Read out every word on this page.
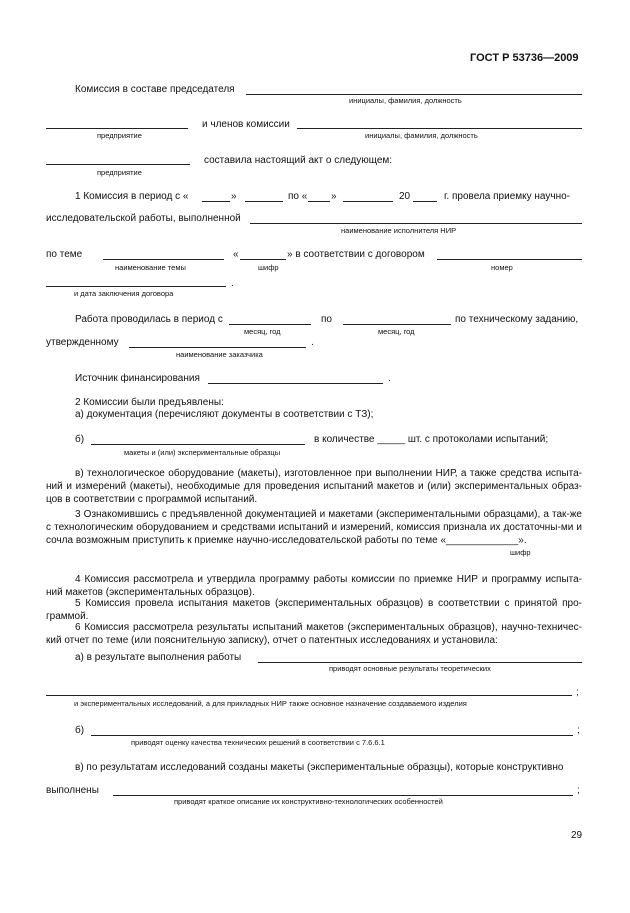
ГОСТ Р 53736—2009
Комиссия в составе председателя
инициалы, фамилия, должность
и членов комиссии
предприятие	инициалы, фамилия, должность
составила настоящий акт о следующем:
предприятие
1 Комиссия в период с «	»	по « »	20	г. провела приемку научно-
исследовательской работы, выполненной
наименование исполнителя НИР
по теме	«	» в соответствии с договором
наименование темы	шифр	номер
.
и дата заключения договора
Работа проводилась в период с	по	по техническому заданию,
месяц, год	месяц, год
утвержденному	.
наименование заказчика
Источник финансирования	.
2 Комиссии были предъявлены:
а) документация (перечисляют документы в соответствии с ТЗ);
б)	в количестве _____ шт. с протоколами испытаний;
макеты и (или) экспериментальные образцы
в) технологическое оборудование (макеты), изготовленное при выполнении НИР, а также средства испыта-ний и измерений (макеты), необходимые для проведения испытаний макетов и (или) экспериментальных образ-цов в соответствии с программой испытаний.
3 Ознакомившись с предъявленной документацией и макетами (экспериментальными образцами), а так-же с технологическим оборудованием и средствами испытаний и измерений, комиссия признала их достаточны-ми и сочла возможным приступить к приемке научно-исследовательской работы по теме «_____________».
шифр
4 Комиссия рассмотрела и утвердила программу работы комиссии по приемке НИР и программу испыта-ний макетов (экспериментальных образцов).
5 Комиссия провела испытания макетов (экспериментальных образцов) в соответствии с принятой про-граммой.
6 Комиссия рассмотрела результаты испытаний макетов (экспериментальных образцов), научно-техничес-кий отчет по теме (или пояснительную записку), отчет о патентных исследованиях и установила:
а) в результате выполнения работы
приводят основные результаты теоретических
;
и экспериментальных исследований, а для прикладных НИР также основное назначение создаваемого изделия
б)	;
приводят оценку качества технических решений в соответствии с 7.6.6.1
в) по результатам исследований созданы макеты (экспериментальные образцы), которые конструктивно
выполнены	;
приводят краткое описание их конструктивно-технологических особенностей
29
